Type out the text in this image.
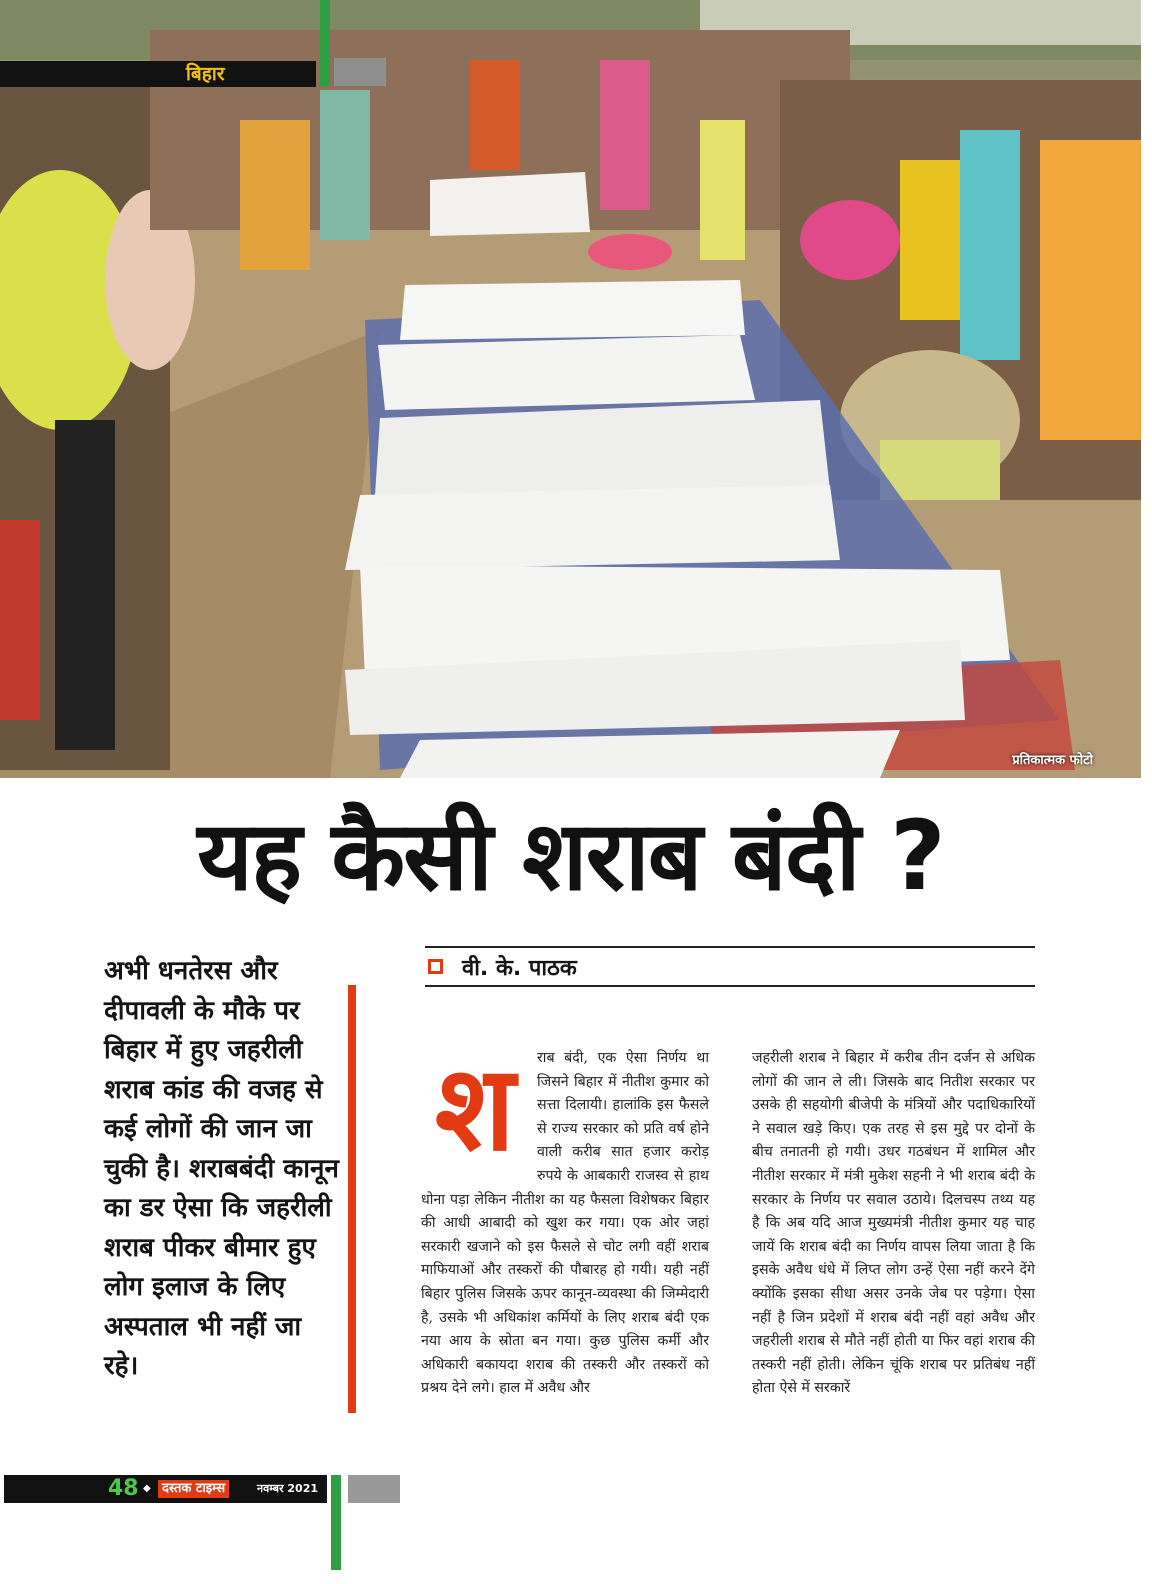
प्रतिकात्मक फोटो
बिहार
यह कैसी शराब बंदी ?
अभी धनतेरस और दीपावली के मौके पर बिहार में हुए जहरीली शराब कांड की वजह से कई लोगों की जान जा चुकी है। शराबबंदी कानून का डर ऐसा कि जहरीली शराब पीकर बीमार हुए लोग इलाज के लिए अस्पताल भी नहीं जा रहे।
वी. के. पाठक
श	राब बंदी, एक ऐसा निर्णय था जिसने बिहार में नीतीश कुमार को सत्ता दिलायी। हालांकि इस फैसले से राज्य सरकार को प्रति वर्ष होने वाली करीब सात हजार करोड़ रुपये के आबकारी राजस्व से हाथ धोना पड़ा लेकिन नीतीश का यह फैसला विशेषकर बिहार की आधी आबादी को खुश कर गया। एक ओर जहां सरकारी खजाने को इस फैसले से चोट लगी वहीं शराब माफियाओं और तस्करों की पौबारह हो गयी। यही नहीं बिहार पुलिस जिसके ऊपर कानून-व्यवस्था की जिम्मेदारी है, उसके भी अधिकांश कर्मियों के लिए शराब बंदी एक नया आय के स्रोता बन गया। कुछ पुलिस कर्मी और अधिकारी बकायदा शराब की तस्करी और तस्करों को प्रश्रय देने लगे। हाल में अवैध और
जहरीली शराब ने बिहार में करीब तीन दर्जन से अधिक लोगों की जान ले ली। जिसके बाद नितीश सरकार पर उसके ही सहयोगी बीजेपी के मंत्रियों और पदाधिकारियों ने सवाल खड़े किए। एक तरह से इस मुद्दे पर दोनों के बीच तनातनी हो गयी। उधर गठबंधन में शामिल और नीतीश सरकार में मंत्री मुकेश सहनी ने भी शराब बंदी के सरकार के निर्णय पर सवाल उठाये। दिलचस्प तथ्य यह है कि अब यदि आज मुख्यमंत्री नीतीश कुमार यह चाह जायें कि शराब बंदी का निर्णय वापस लिया जाता है कि इसके अवैध धंधे में लिप्त लोग उन्हें ऐसा नहीं करने देंगे क्योंकि इसका सीधा असर उनके जेब पर पड़ेगा। ऐसा नहीं है जिन प्रदेशों में शराब बंदी नहीं वहां अवैध और जहरीली शराब से मौते नहीं होती या फिर वहां शराब की तस्करी नहीं होती। लेकिन चूंकि शराब पर प्रतिबंध नहीं होता ऐसे में सरकारें
48 ◆ दस्तक टाइम्स	नवम्बर 2021
